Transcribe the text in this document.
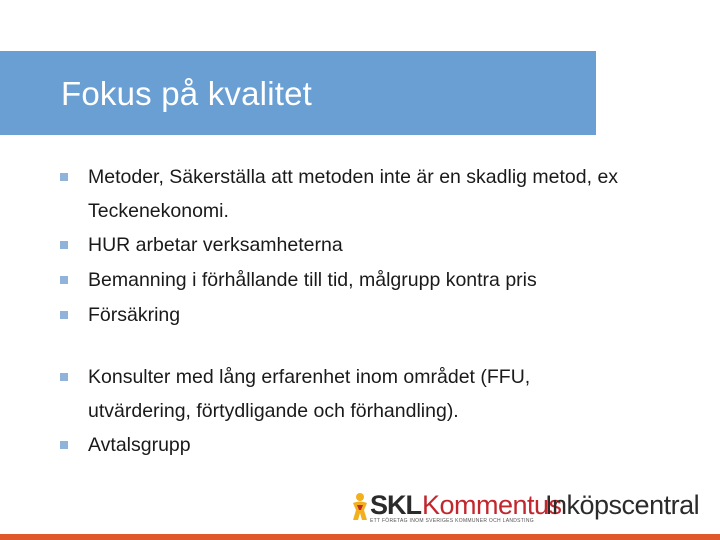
Fokus på kvalitet
Metoder, Säkerställa att metoden inte är en skadlig metod, ex Teckenekonomi.
HUR arbetar verksamheterna
Bemanning i förhållande till tid, målgrupp kontra pris
Försäkring
Konsulter med lång erfarenhet inom området (FFU, utvärdering, förtydligande och förhandling).
Avtalsgrupp
SKL Kommentus
Inköpscentral
ETT FÖRETAG INOM SVERIGES KOMMUNER OCH LANDSTING
